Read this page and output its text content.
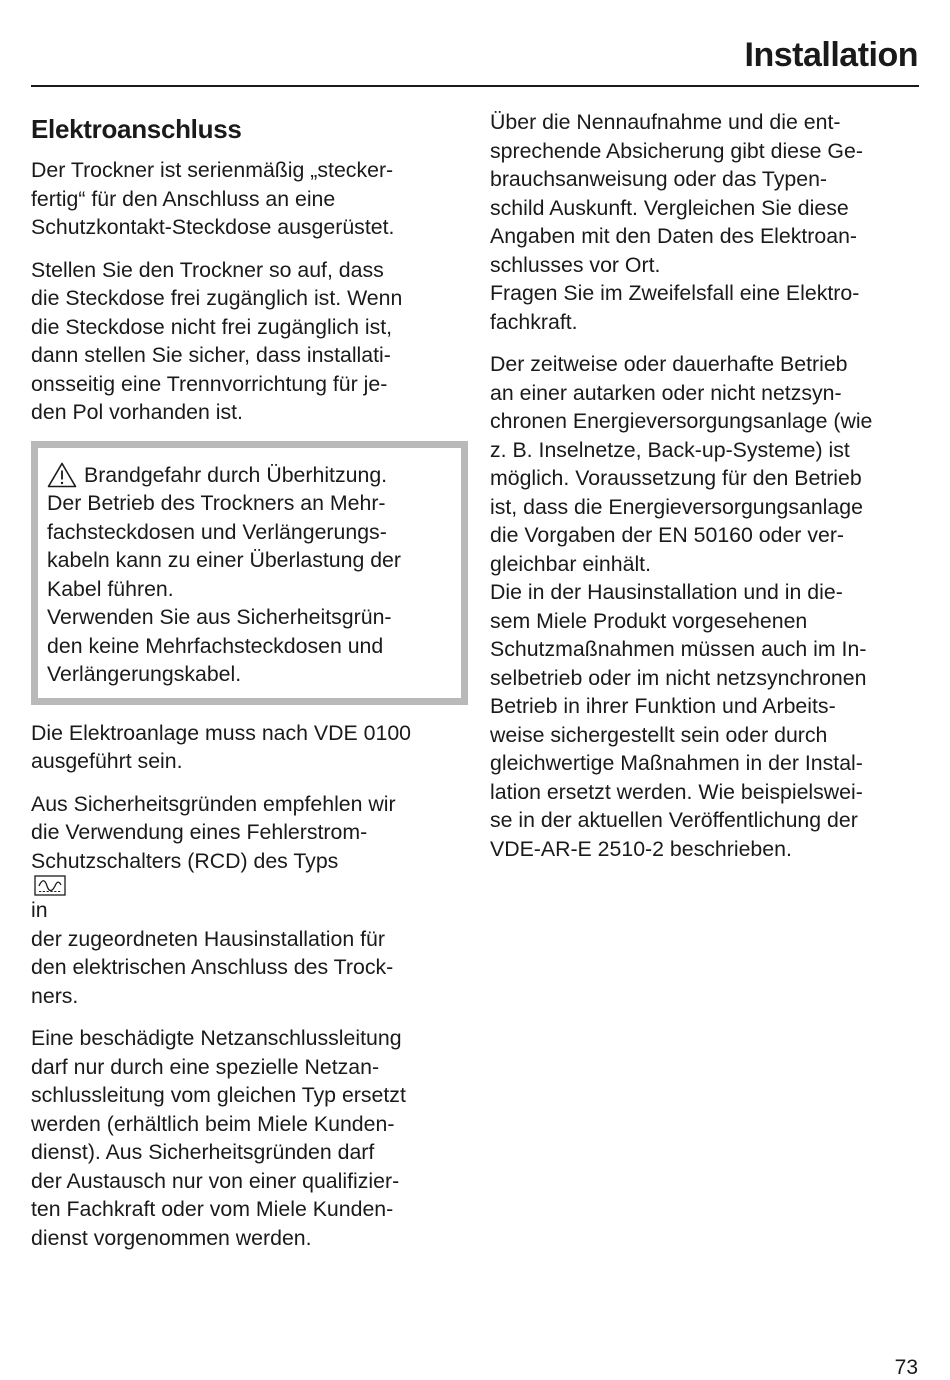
Installation
Elektroanschluss
Der Trockner ist serienmäßig „stecker-
fertig“ für den Anschluss an eine
Schutzkontakt-Steckdose ausgerüstet.
Stellen Sie den Trockner so auf, dass
die Steckdose frei zugänglich ist. Wenn
die Steckdose nicht frei zugänglich ist,
dann stellen Sie sicher, dass installati-
onsseitig eine Trennvorrichtung für je-
den Pol vorhanden ist.
Brandgefahr durch Überhitzung.
Der Betrieb des Trockners an Mehr-
fachsteckdosen und Verlängerungs-
kabeln kann zu einer Überlastung der
Kabel führen.
Verwenden Sie aus Sicherheitsgrün-
den keine Mehrfachsteckdosen und
Verlängerungskabel.
Die Elektroanlage muss nach VDE 0100
ausgeführt sein.
Aus Sicherheitsgründen empfehlen wir
die Verwendung eines Fehlerstrom-
Schutzschalters (RCD) des Typs
in
der zugeordneten Hausinstallation für
den elektrischen Anschluss des Trock-
ners.
Eine beschädigte Netzanschlussleitung
darf nur durch eine spezielle Netzan-
schlussleitung vom gleichen Typ ersetzt
werden (erhältlich beim Miele Kunden-
dienst). Aus Sicherheitsgründen darf
der Austausch nur von einer qualifizier-
ten Fachkraft oder vom Miele Kunden-
dienst vorgenommen werden.
Über die Nennaufnahme und die ent-
sprechende Absicherung gibt diese Ge-
brauchsanweisung oder das Typen-
schild Auskunft. Vergleichen Sie diese
Angaben mit den Daten des Elektroan-
schlusses vor Ort.
Fragen Sie im Zweifelsfall eine Elektro-
fachkraft.
Der zeitweise oder dauerhafte Betrieb
an einer autarken oder nicht netzsyn-
chronen Energieversorgungsanlage (wie
z. B. Inselnetze, Back-up-Systeme) ist
möglich. Voraussetzung für den Betrieb
ist, dass die Energieversorgungsanlage
die Vorgaben der EN 50160 oder ver-
gleichbar einhält.
Die in der Hausinstallation und in die-
sem Miele Produkt vorgesehenen
Schutzmaßnahmen müssen auch im In-
selbetrieb oder im nicht netzsynchronen
Betrieb in ihrer Funktion und Arbeits-
weise sichergestellt sein oder durch
gleichwertige Maßnahmen in der Instal-
lation ersetzt werden. Wie beispielswei-
se in der aktuellen Veröffentlichung der
VDE-AR-E 2510-2 beschrieben.
73
